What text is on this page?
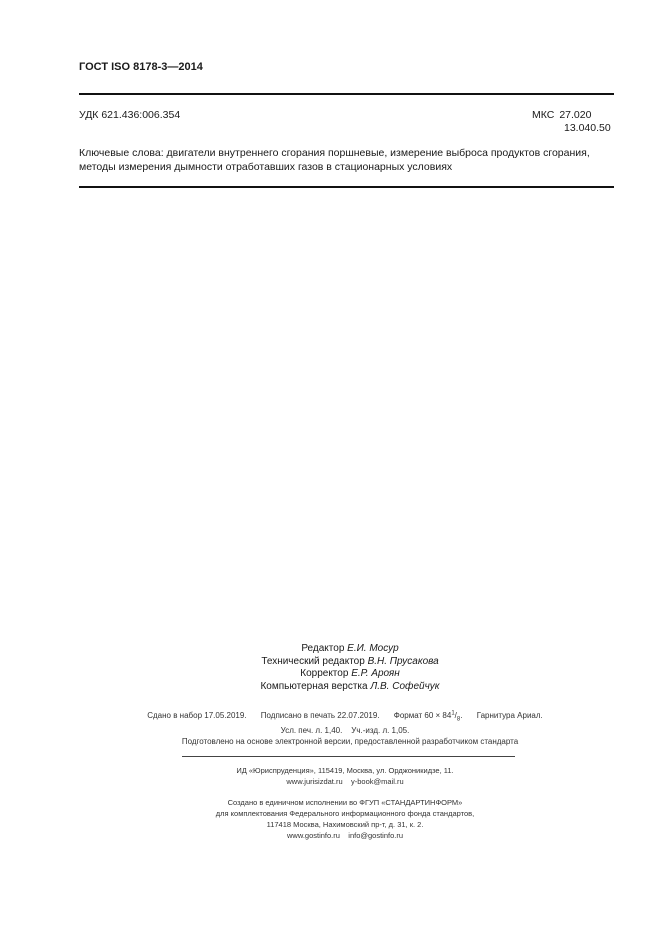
ГОСТ ISO 8178-3—2014
УДК 621.436:006.354	МКС 27.020
13.040.50
Ключевые слова: двигатели внутреннего сгорания поршневые, измерение выброса продуктов сгорания, методы измерения дымности отработавших газов в стационарных условиях
Редактор Е.И. Мосур
Технический редактор В.Н. Прусакова
Корректор Е.Р. Ароян
Компьютерная верстка Л.В. Софейчук
Сдано в набор 17.05.2019. Подписано в печать 22.07.2019. Формат $60 \times 84^1/_8$. Гарнитура Ариал.
Усл. печ. л. 1,40. Уч.-изд. л. 1,05.
Подготовлено на основе электронной версии, предоставленной разработчиком стандарта
ИД «Юриспруденция», 115419, Москва, ул. Орджоникидзе, 11.
www.jurisizdat.ru y-book@mail.ru
Создано в единичном исполнении во ФГУП «СТАНДАРТИНФОРМ»
для комплектования Федерального информационного фонда стандартов,
117418 Москва, Нахимовский пр-т, д. 31, к. 2.
www.gostinfo.ru info@gostinfo.ru
